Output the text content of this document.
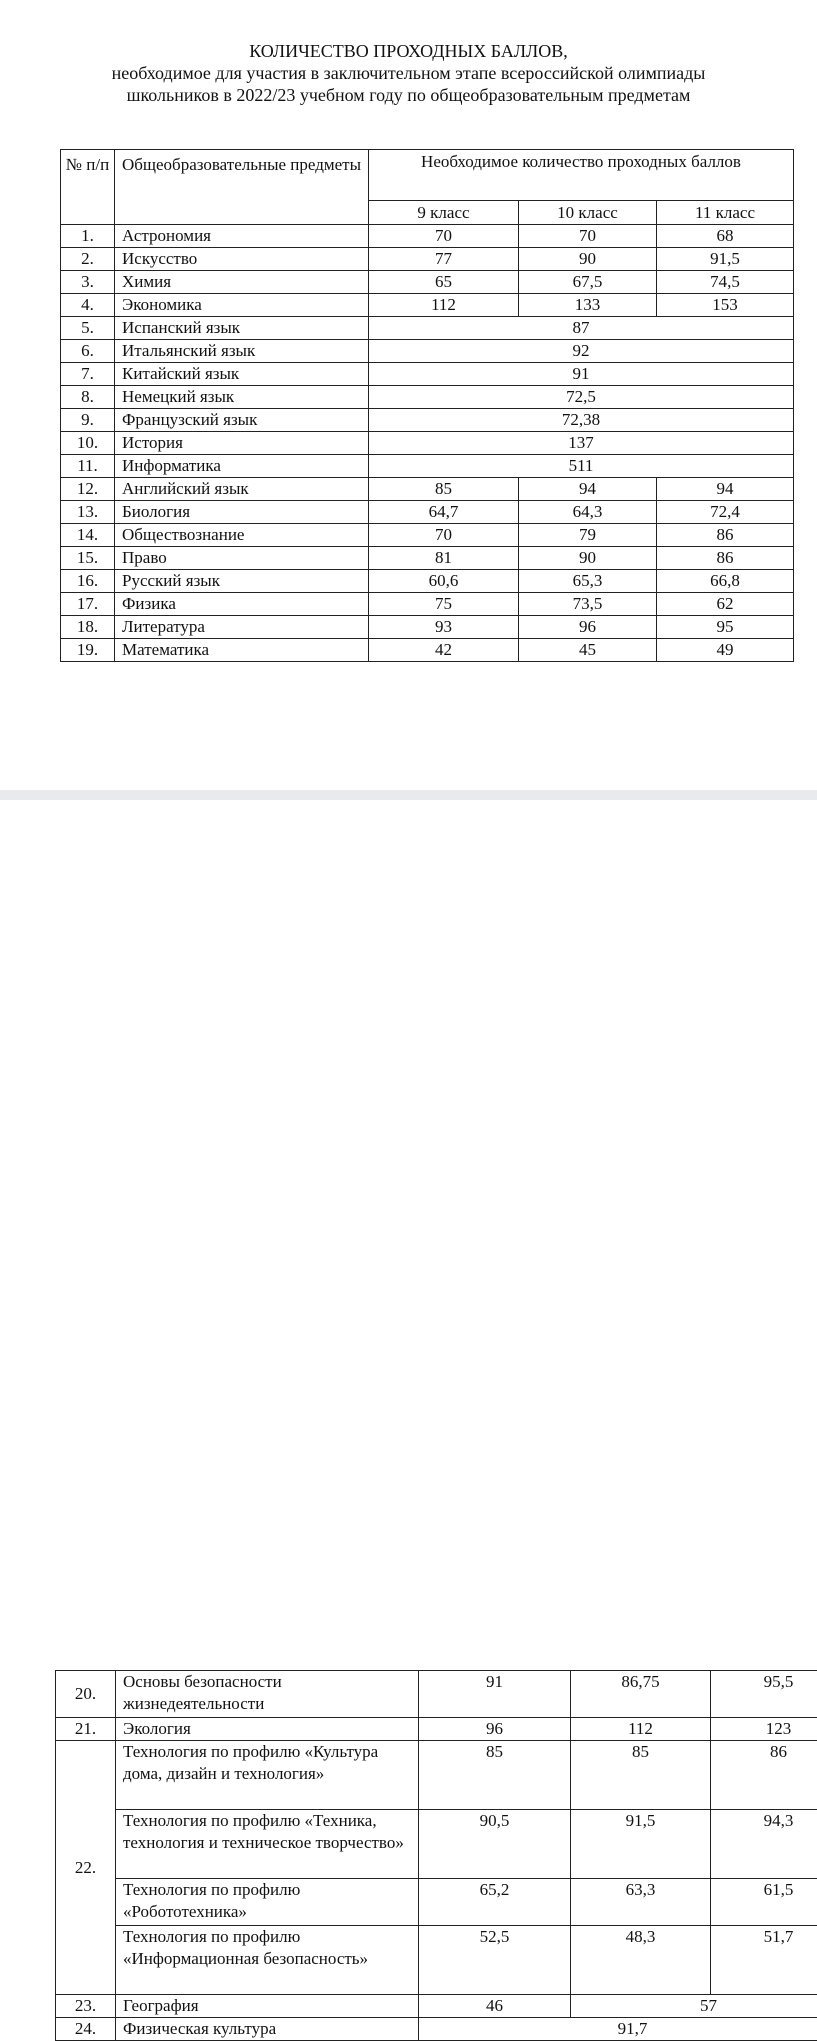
КОЛИЧЕСТВО ПРОХОДНЫХ БАЛЛОВ,
необходимое для участия в заключительном этапе всероссийской олимпиады
школьников в 2022/23 учебном году по общеобразовательным предметам
№ п/п	Общеобразовательные предметы	Необходимое количество проходных баллов		
		9 класс	10 класс	11 класс
1.	Астрономия	70	70	68
2.	Искусство	77	90	91,5
3.	Химия	65	67,5	74,5
4.	Экономика	112	133	153
5.	Испанский язык	87		
6.	Итальянский язык	92		
7.	Китайский язык	91		
8.	Немецкий язык	72,5		
9.	Французский язык	72,38		
10.	История	137		
11.	Информатика	511		
12.	Английский язык	85	94	94
13.	Биология	64,7	64,3	72,4
14.	Обществознание	70	79	86
15.	Право	81	90	86
16.	Русский язык	60,6	65,3	66,8
17.	Физика	75	73,5	62
18.	Литература	93	96	95
19.	Математика	42	45	49
20.	Основы безопасности жизнедеятельности	91	86,75	95,5
21.	Экология	96	112	123
22.	Технология по профилю «Культура дома, дизайн и технология»	85	85	86
	Технология по профилю «Техника, технология и техническое творчество»	90,5	91,5	94,3
	Технология по профилю «Робототехника»	65,2	63,3	61,5
	Технология по профилю «Информационная безопасность»	52,5	48,3	51,7
23.	География	46	57	
24.	Физическая культура	91,7		
